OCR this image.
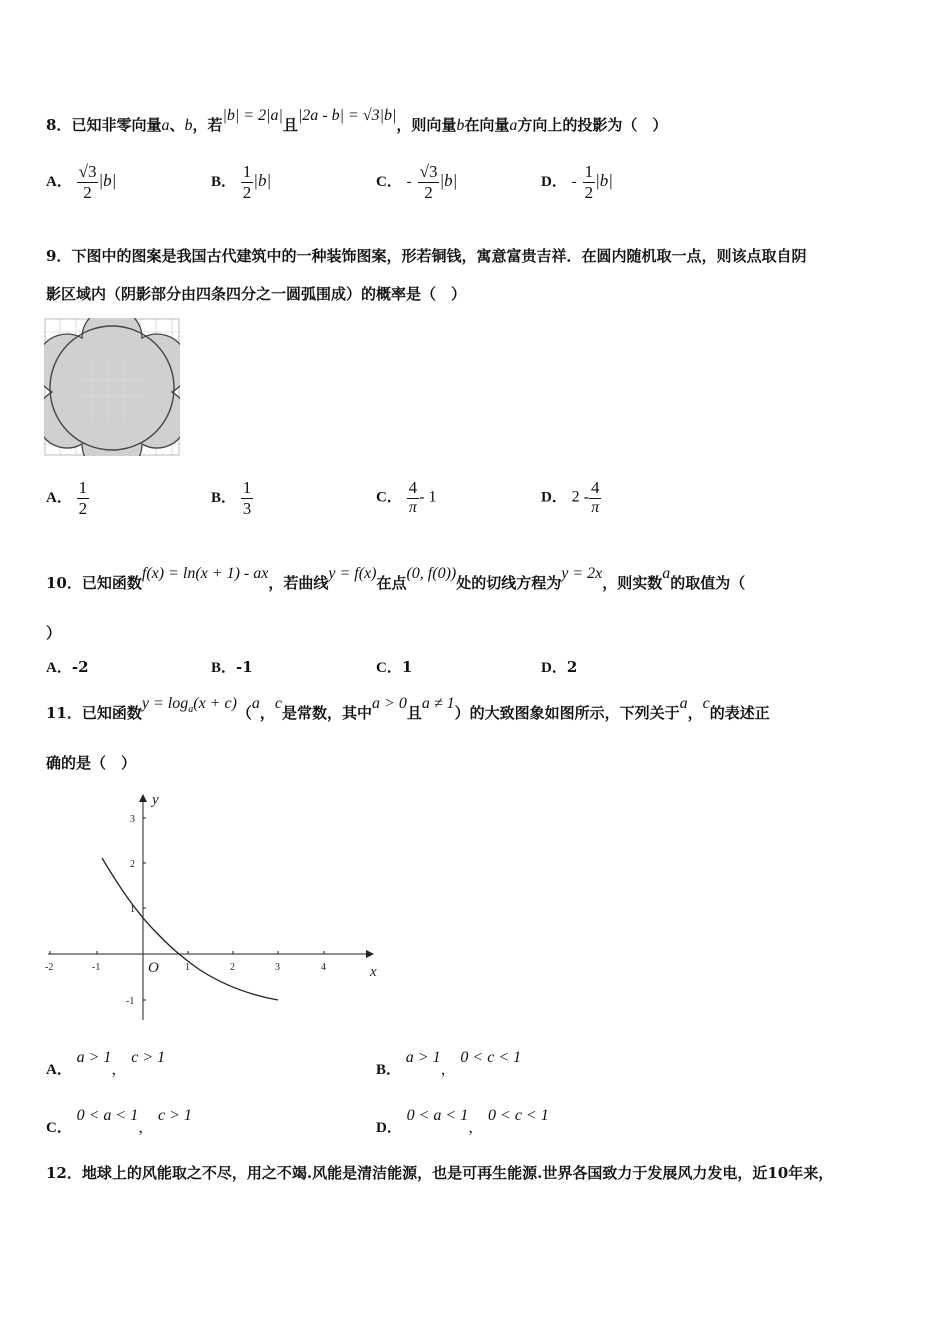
8．已知非零向量a、b，若|b| = 2|a|且|2a - b| = √3|b|，则向量b在向量a方向上的投影为（　）
A． $\frac{√3}{2} |b|$	B． $\frac{1}{2} |b|$	C． - $\frac{√3}{2} |b|$	D． - $\frac{1}{2} |b|$
9．下图中的图案是我国古代建筑中的一种装饰图案，形若铜钱，寓意富贵吉祥．在圆内随机取一点，则该点取自阴
影区域内（阴影部分由四条四分之一圆弧围成）的概率是（　）
A． $\frac{1}{2}$	B． $\frac{1}{3}$	C． $\frac{4}{\pi} - 1$	D． $2 - \frac{4}{\pi}$
10．已知函数f(x) = ln(x + 1) - ax，若曲线y = f(x)在点(0, f(0))处的切线方程为y = 2x，则实数a的取值为（
）
A．-2	B．-1	C．1	D．2
11．已知函数$y = \log_a(x + c)(a$，c是常数，其中a > 0且a ≠ 1）的大致图象如图所示，下列关于a，c的表述正
确的是（　）
-2	-1	1	2	3	4
3
2
1
-1
O	x
y
A． a > 1， c > 1
B． a > 1， 0 < c < 1
C． 0 < a < 1， c > 1
D． 0 < a < 1， 0 < c < 1
12．地球上的风能取之不尽，用之不竭.风能是清洁能源，也是可再生能源.世界各国致力于发展风力发电，近10年来，
